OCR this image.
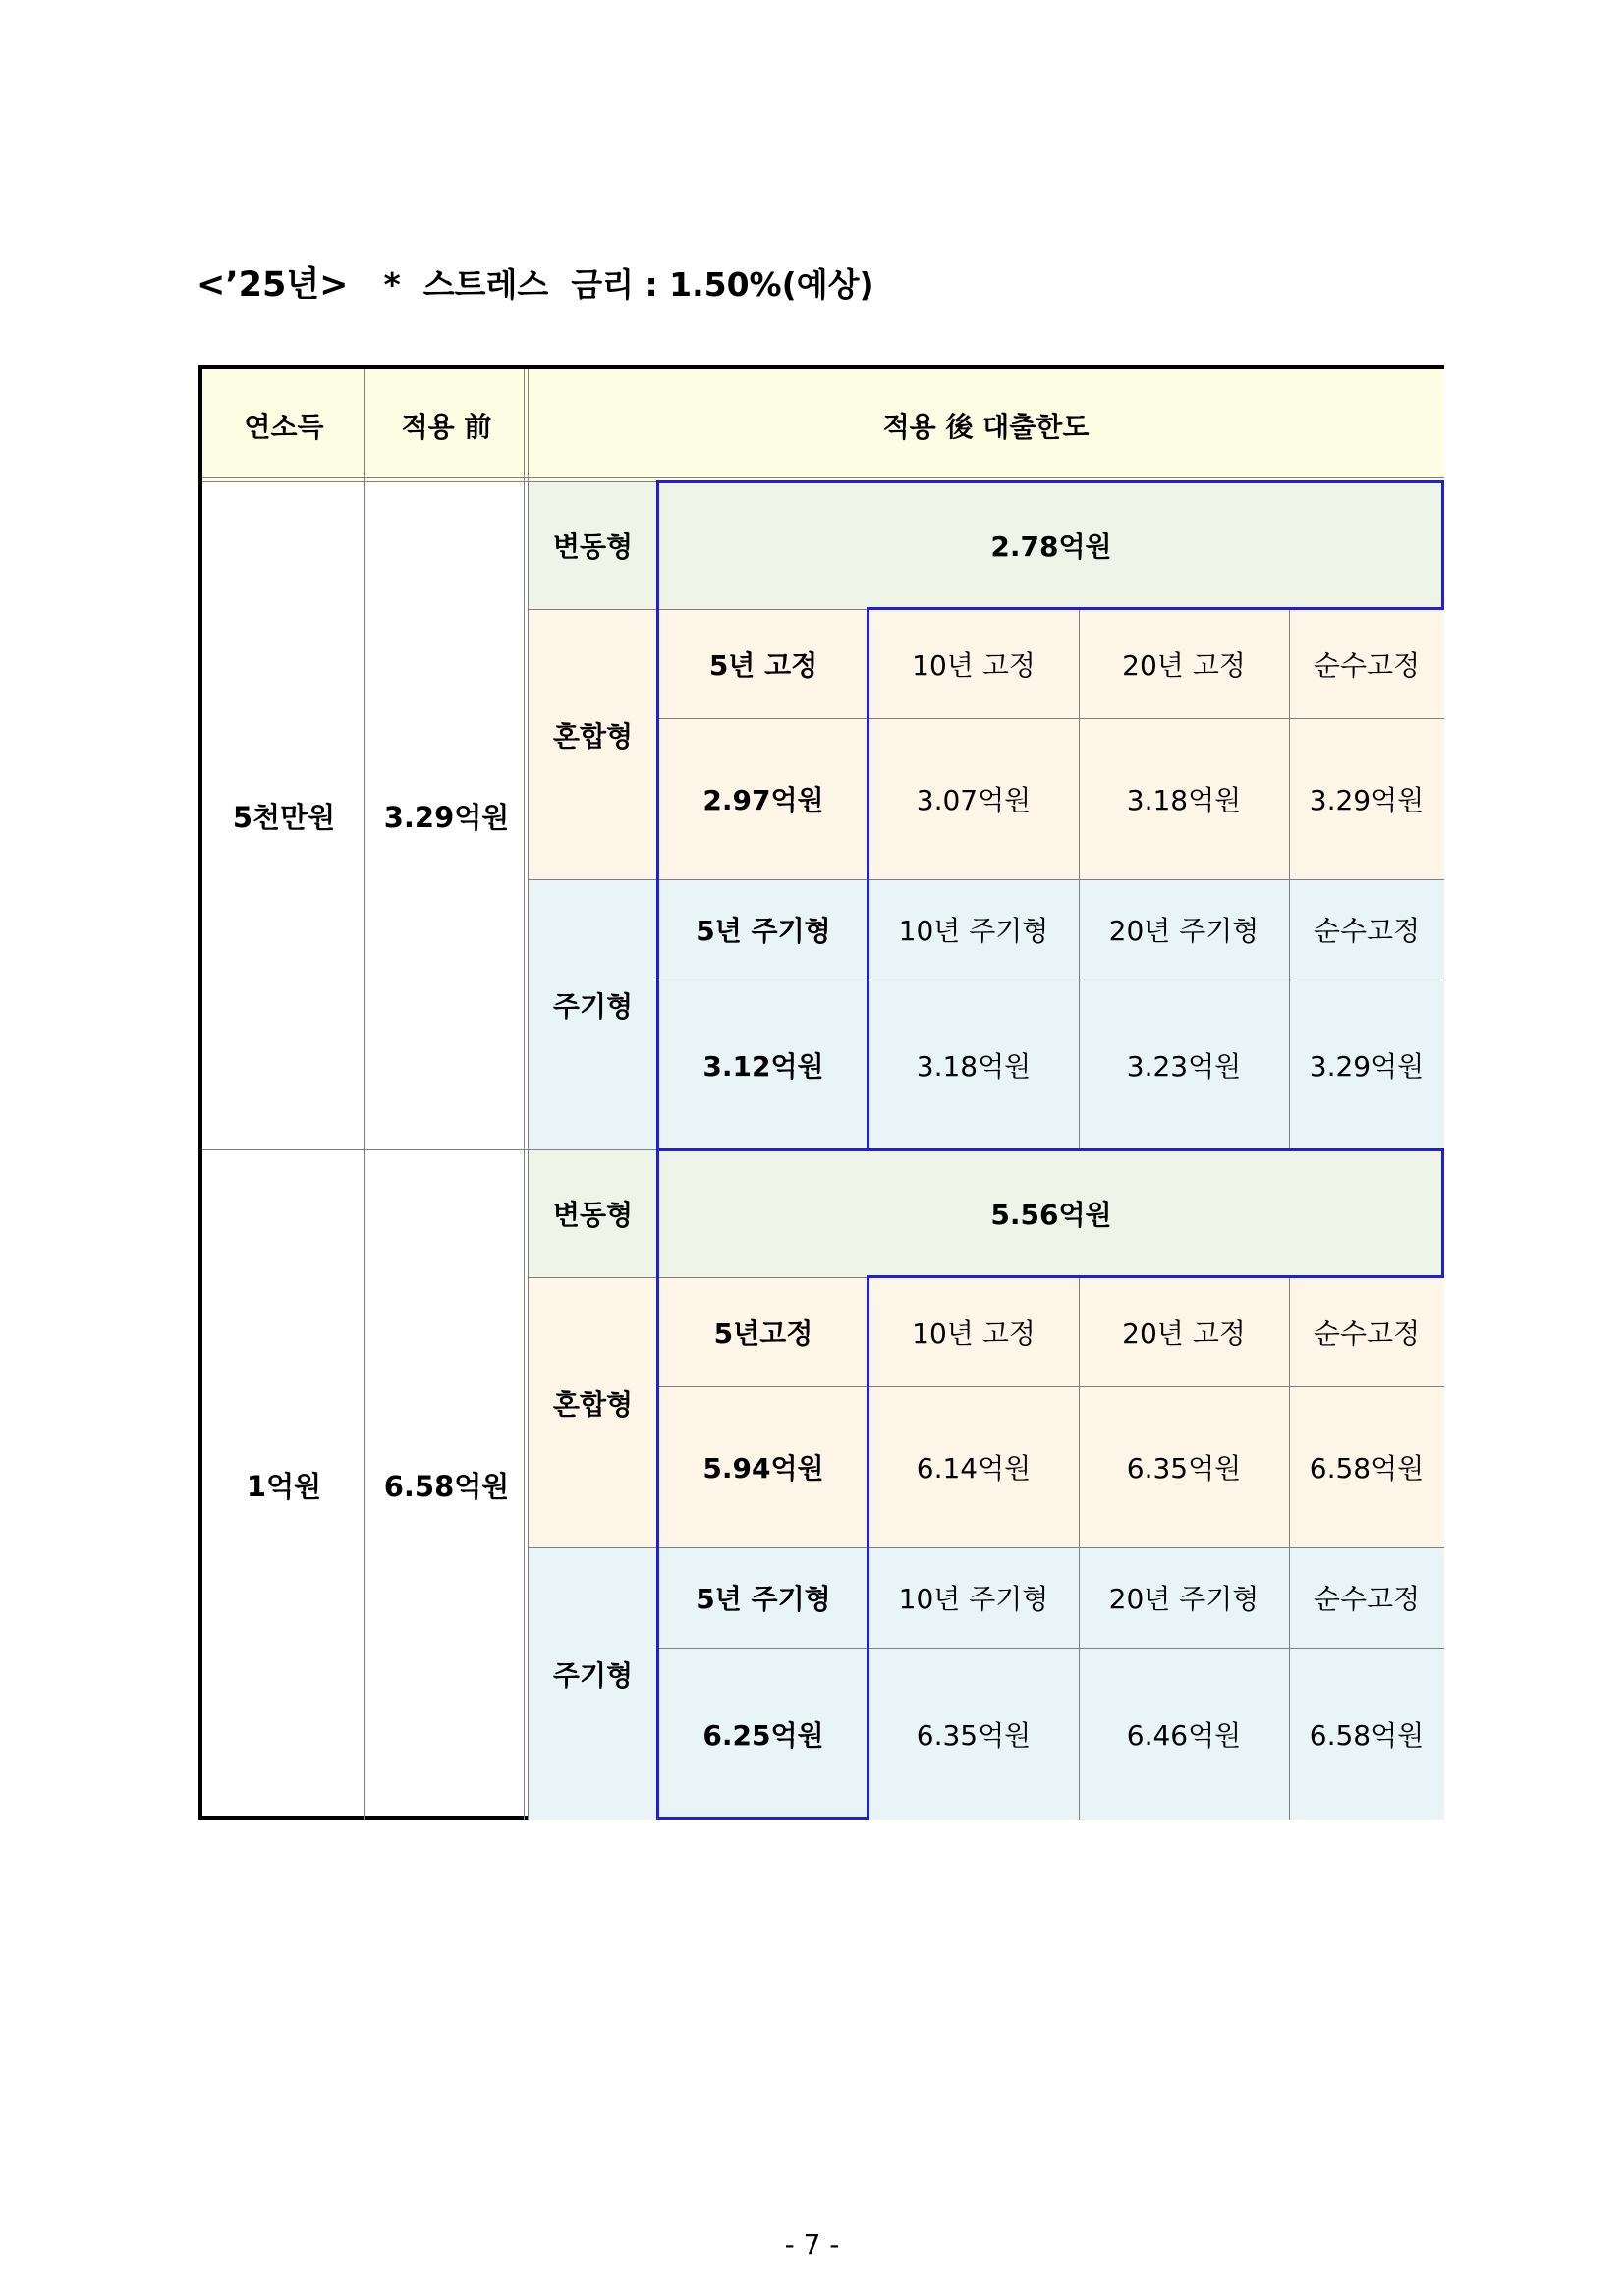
<’25년> *  스트레스  금리 : 1.50%(예상)
연소득	적용 前	적용 後 대출한도
5천만원	3.29억원
변동형	2.78억원
혼합형
5년 고정	10년 고정	20년 고정	순수고정
2.97억원	3.07억원	3.18억원	3.29억원
주기형
5년 주기형	10년 주기형	20년 주기형	순수고정
3.12억원	3.18억원	3.23억원	3.29억원
1억원	6.58억원
변동형	5.56억원
혼합형
5년고정	10년 고정	20년 고정	순수고정
5.94억원	6.14억원	6.35억원	6.58억원
주기형
5년 주기형	10년 주기형	20년 주기형	순수고정
6.25억원	6.35억원	6.46억원	6.58억원
- 7 -
